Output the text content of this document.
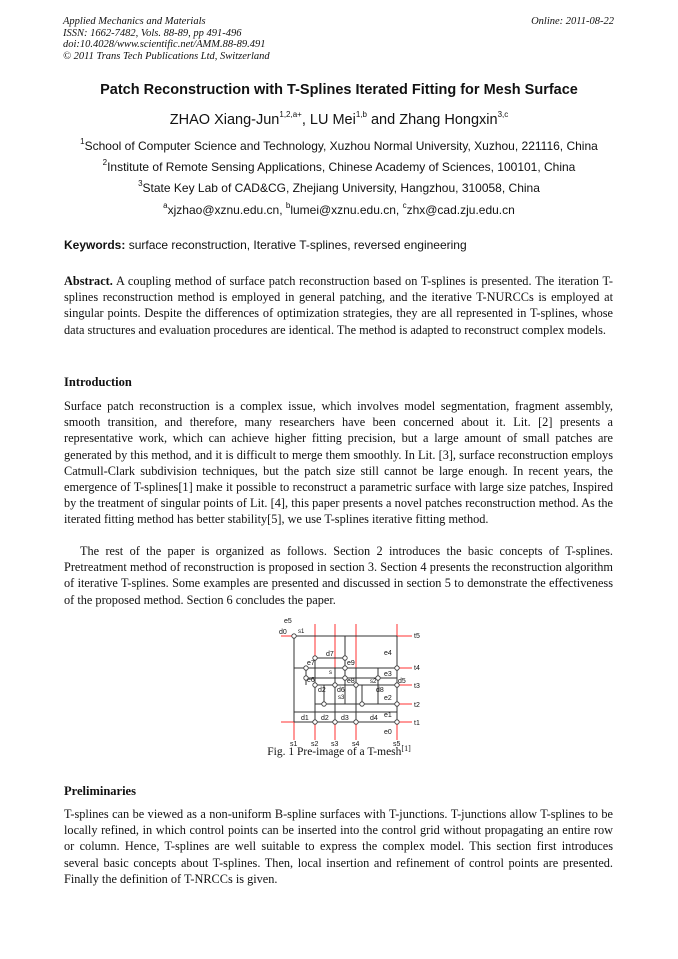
Applied Mechanics and Materials
ISSN: 1662-7482, Vols. 88-89, pp 491-496
doi:10.4028/www.scientific.net/AMM.88-89.491
© 2011 Trans Tech Publications Ltd, Switzerland
Online: 2011-08-22
Patch Reconstruction with T-Splines Iterated Fitting for Mesh Surface
ZHAO Xiang-Jun$^{1,2,a+}$, LU Mei$^{1,b}$ and Zhang Hongxin$^{3,c}$
$^1$School of Computer Science and Technology, Xuzhou Normal University, Xuzhou, 221116, China
$^2$Institute of Remote Sensing Applications, Chinese Academy of Sciences, 100101, China
$^3$State Key Lab of CAD&CG, Zhejiang University, Hangzhou, 310058, China
$^a$xjzhao@xznu.edu.cn, $^b$lumei@xznu.edu.cn, $^c$zhx@cad.zju.edu.cn
Keywords: surface reconstruction, Iterative T-splines, reversed engineering

Abstract. A coupling method of surface patch reconstruction based on T-splines is presented. The iteration T-splines reconstruction method is employed in general patching, and the iterative T-NURCCs is employed at singular points. Despite the differences of optimization strategies, they are all represented in T-splines, whose data structures and evaluation procedures are identical. The method is adapted to reconstruct complex models.

Introduction

Surface patch reconstruction is a complex issue, which involves model segmentation, fragment assembly, smooth transition, and therefore, many researchers have been concerned about it. Lit. [2] presents a representative work, which can achieve higher fitting precision, but a large amount of small patches are generated by this method, and it is difficult to merge them smoothly. In Lit. [3], surface reconstruction employs Catmull-Clark subdivision techniques, but the patch size still cannot be large enough. In recent years, the emergence of T-splines[1] make it possible to reconstruct a parametric surface with large size patches, Inspired by the treatment of singular points of Lit. [4], this paper presents a novel patches reconstruction method. As the iterated fitting method has better stability[5], we use T-splines iterative fitting method.

The rest of the paper is organized as follows. Section 2 introduces the basic concepts of T-splines. Pretreatment method of reconstruction is proposed in section 3. Section 4 presents the reconstruction algorithm of iterative T-splines. Some examples are presented and discussed in section 5 to demonstrate the effectiveness of the proposed method. Section 6 concludes the paper.

e5
d0 s1
e4
d7
e7	e9
t4
t5
e6
s
e8
e3
s2	d5
t3
d2 d6	d8
e2
s3
t2
e1
d1 d2 d3	d4
t1
e0
s1 s2 s3 s4	s5
Fig. 1 Pre-image of a T-mesh[1]
Preliminaries

T-splines can be viewed as a non-uniform B-spline surfaces with T-junctions. T-junctions allow T-splines to be locally refined, in which control points can be inserted into the control grid without propagating an entire row or column. Hence, T-splines are well suitable to express the complex model. This section first introduces several basic concepts about T-splines. Then, local insertion and refinement of control points are presented. Finally the definition of T-NRCCs is given.
